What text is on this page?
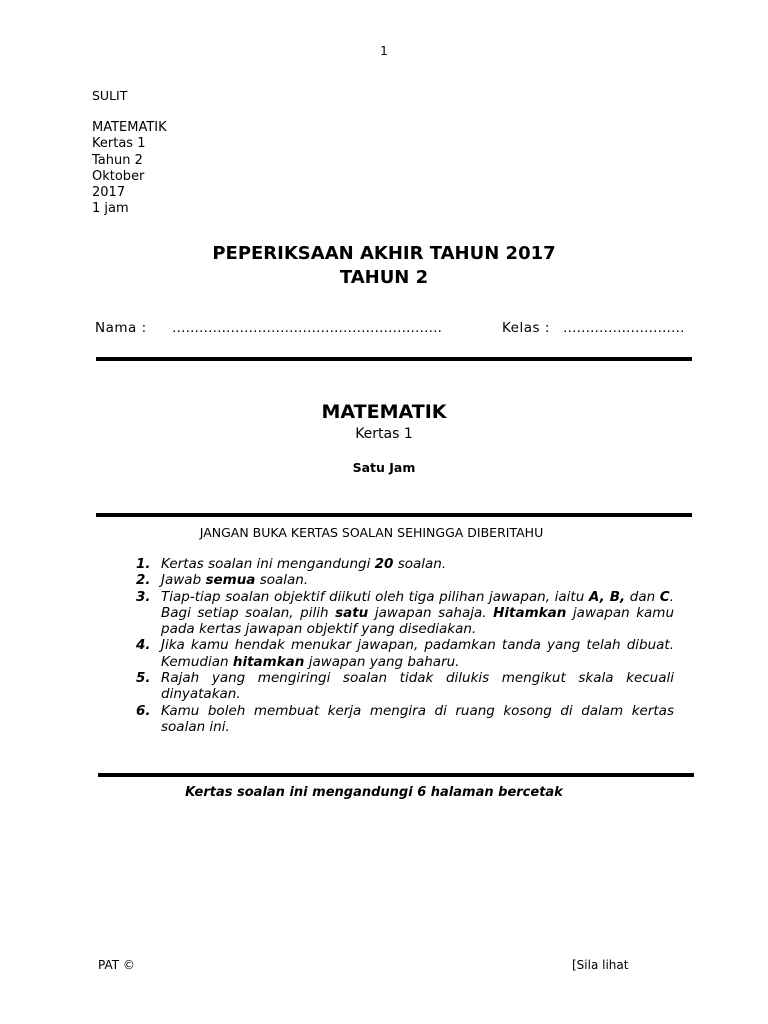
1
SULIT
MATEMATIK
Kertas 1
Tahun 2
Oktober
2017
1 jam
PEPERIKSAAN AKHIR TAHUN 2017
TAHUN 2
Nama : ……………………………………………………	Kelas : ………………………
MATEMATIK
Kertas 1
Satu Jam
JANGAN BUKA KERTAS SOALAN SEHINGGA DIBERITAHU
1. Kertas soalan ini mengandungi 20 soalan.
2. Jawab semua soalan.
3. Tiap-tiap soalan objektif diikuti oleh tiga pilihan jawapan, iaitu A, B, dan C. Bagi setiap soalan, pilih satu jawapan sahaja. Hitamkan jawapan kamu pada kertas jawapan objektif yang disediakan.
4. Jika kamu hendak menukar jawapan, padamkan tanda yang telah dibuat. Kemudian hitamkan jawapan yang baharu.
5. Rajah yang mengiringi soalan tidak dilukis mengikut skala kecuali dinyatakan.
6. Kamu boleh membuat kerja mengira di ruang kosong di dalam kertas soalan ini.
Kertas soalan ini mengandungi 6 halaman bercetak
PAT ©	[Sila lihat
